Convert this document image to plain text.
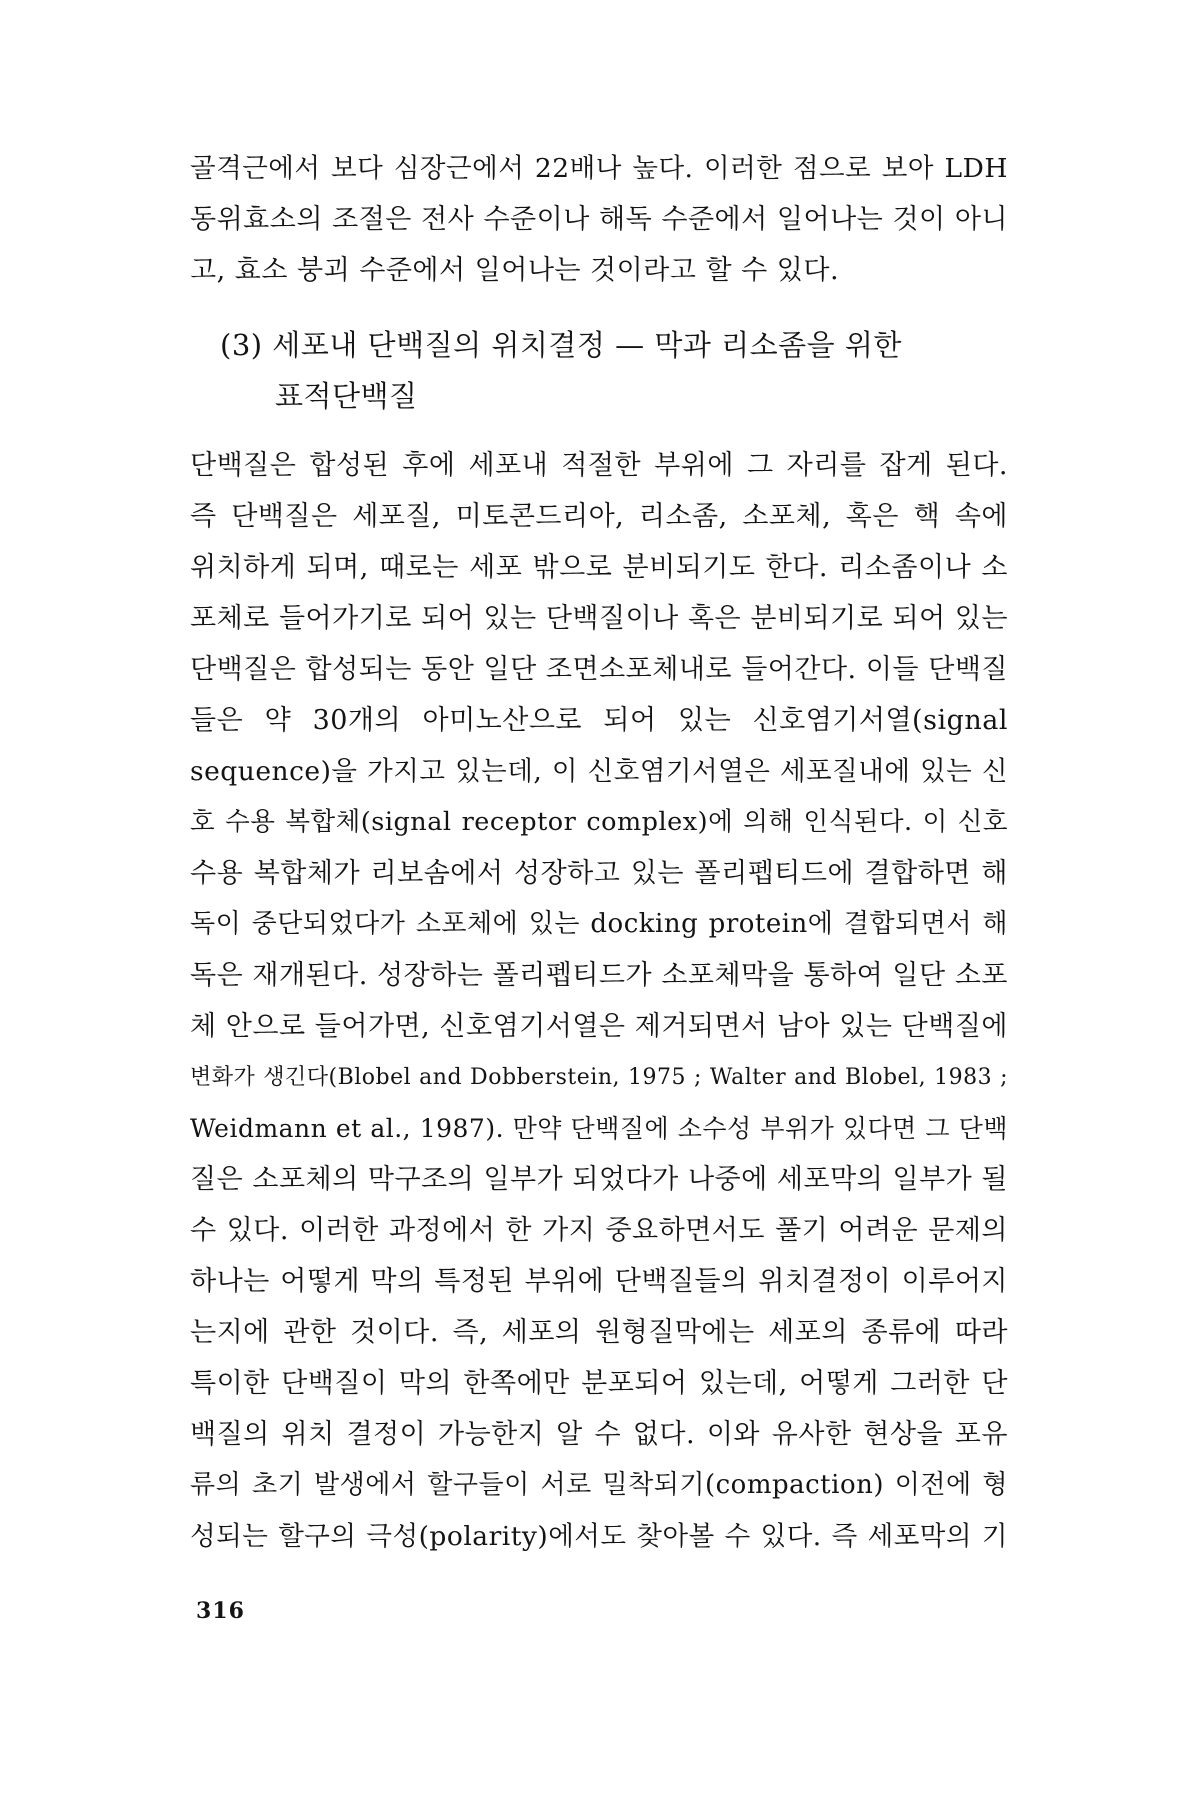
골격근에서 보다 심장근에서 22배나 높다. 이러한 점으로 보아 LDH
동위효소의 조절은 전사 수준이나 해독 수준에서 일어나는 것이 아니
고, 효소 붕괴 수준에서 일어나는 것이라고 할 수 있다.
(3) 세포내 단백질의 위치결정 — 막과 리소좀을 위한
표적단백질
단백질은 합성된 후에 세포내 적절한 부위에 그 자리를 잡게 된다.
즉 단백질은 세포질, 미토콘드리아, 리소좀, 소포체, 혹은 핵 속에
위치하게 되며, 때로는 세포 밖으로 분비되기도 한다. 리소좀이나 소
포체로 들어가기로 되어 있는 단백질이나 혹은 분비되기로 되어 있는
단백질은 합성되는 동안 일단 조면소포체내로 들어간다. 이들 단백질
들은 약 30개의 아미노산으로 되어 있는 신호염기서열(signal
sequence)을 가지고 있는데, 이 신호염기서열은 세포질내에 있는 신
호 수용 복합체(signal receptor complex)에 의해 인식된다. 이 신호
수용 복합체가 리보솜에서 성장하고 있는 폴리펩티드에 결합하면 해
독이 중단되었다가 소포체에 있는 docking protein에 결합되면서 해
독은 재개된다. 성장하는 폴리펩티드가 소포체막을 통하여 일단 소포
체 안으로 들어가면, 신호염기서열은 제거되면서 남아 있는 단백질에
변화가 생긴다(Blobel and Dobberstein, 1975 ; Walter and Blobel, 1983 ;
Weidmann et al., 1987). 만약 단백질에 소수성 부위가 있다면 그 단백
질은 소포체의 막구조의 일부가 되었다가 나중에 세포막의 일부가 될
수 있다. 이러한 과정에서 한 가지 중요하면서도 풀기 어려운 문제의
하나는 어떻게 막의 특정된 부위에 단백질들의 위치결정이 이루어지
는지에 관한 것이다. 즉, 세포의 원형질막에는 세포의 종류에 따라
특이한 단백질이 막의 한쪽에만 분포되어 있는데, 어떻게 그러한 단
백질의 위치 결정이 가능한지 알 수 없다. 이와 유사한 현상을 포유
류의 초기 발생에서 할구들이 서로 밀착되기(compaction) 이전에 형
성되는 할구의 극성(polarity)에서도 찾아볼 수 있다. 즉 세포막의 기
316
